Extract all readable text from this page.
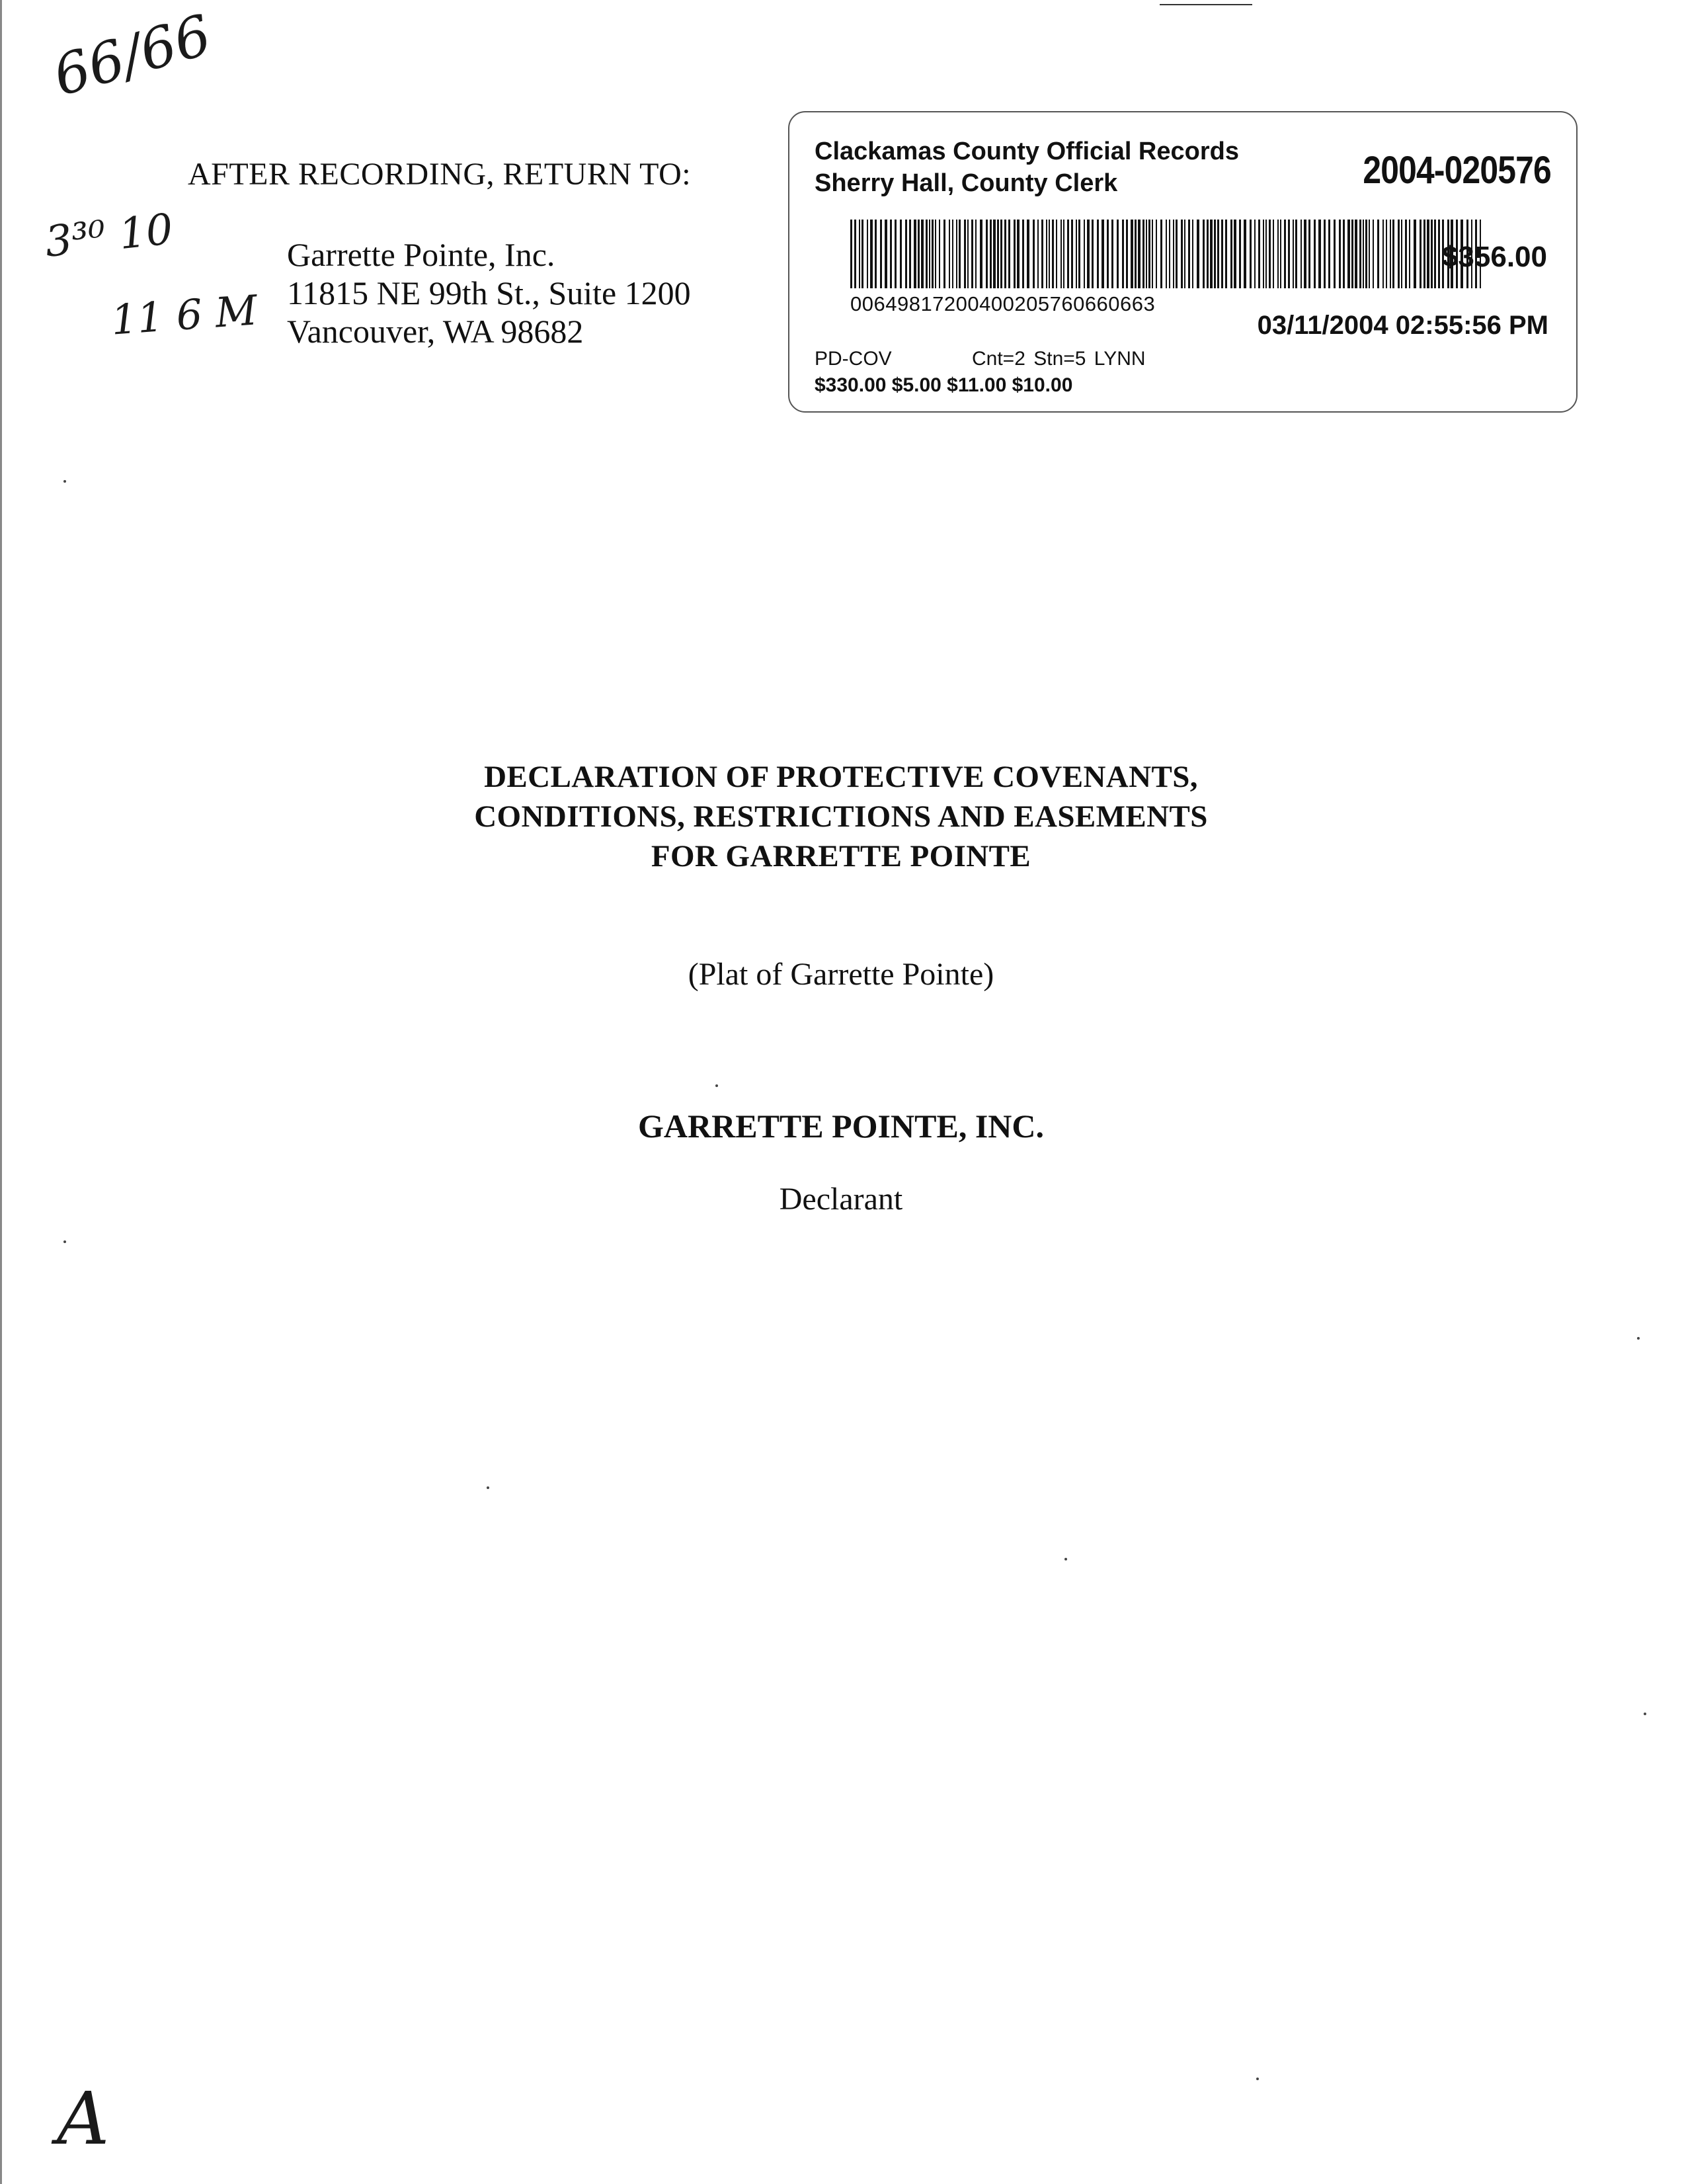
66/66
3³⁰ 10
11 6 M
A
AFTER RECORDING, RETURN TO:
Garrette Pointe, Inc.
11815 NE 99th St., Suite 1200
Vancouver, WA 98682
Clackamas County Official Records
Sherry Hall, County Clerk	2004-020576
00649817200400205760660663
$356.00
03/11/2004 02:55:56 PM
PD-COV	Cnt=2 Stn=5 LYNN
$330.00 $5.00 $11.00 $10.00
DECLARATION OF PROTECTIVE COVENANTS,
CONDITIONS, RESTRICTIONS AND EASEMENTS
FOR GARRETTE POINTE
(Plat of Garrette Pointe)
GARRETTE POINTE, INC.
Declarant
